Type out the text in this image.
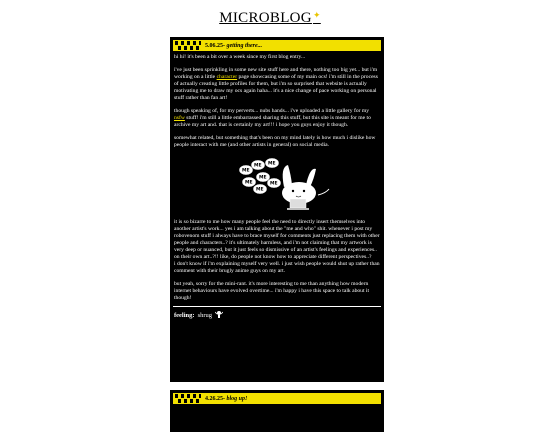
MICROBLOG✦
5.06.25 - getting there...

hi hi! it's been a bit over a week since my first blog entry...

i've just been sprinkling in some new site stuff here and there, nothing too big yet... but i'm working on a little character page showcasing some of my main ocs! i'm still in the process of actually creating little profiles for them, but i'm so surprised that website is actually motivating me to draw my ocs again haha... it's a nice change of pace working on personal stuff rather than fan art!

though speaking of, for my perverts... nubs hands... i've uploaded a little gallery for my nsfw stuff! i'm still a little embarrassed sharing this stuff, but this site is meant for me to archive my art and. that is certainly my art!!! i hope you guys enjoy it though.

somewhat related, but something that's been on my mind lately is how much i dislike how people interact with me (and other artists in general) on social media.

ME
ME ME
ME
ME
ME
ME

it is so bizarre to me how many people feel the need to directly insert themselves into another artist's work... yes i am talking about the "me and who" shit. whenever i post my robovenom stuff i always have to brace myself for comments just replacing them with other people and characters..? it's ultimately harmless, and i'm not claiming that my artwork is very deep or nuanced, but it just feels so dismissive of an artist's feelings and experiences.. on their own art..?!! like, do people not know how to appreciate different perspectives..?

i don't know if i'm explaining myself very well. i just wish people would shut up rather than comment with their brugly anime guys on my art.

but yeah, sorry for the mini-rant. it's more interesting to me than anything how modern internet behaviours have evolved overtime... i'm happy i have this space to talk about it though!

feeling: shrug
4.26.25 - blog up!
